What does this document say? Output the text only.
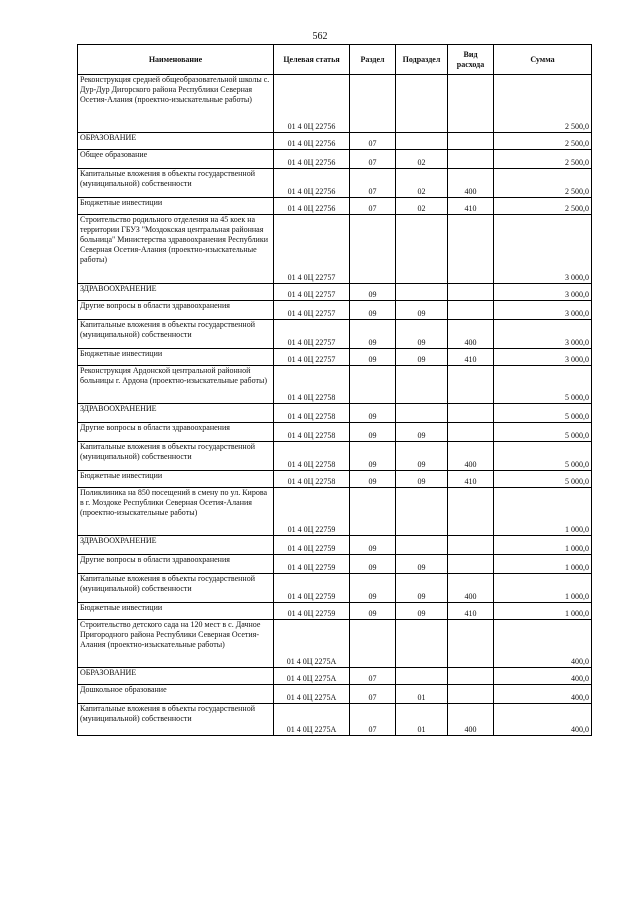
562
Наименование	Целевая статья	Раздел	Подраздел	Вид расхода	Сумма
Реконструкция средней общеобразовательной школы с. Дур-Дур Дигорского района Республики Северная Осетия-Алания (проектно-изыскательные работы)	01 4 0Ц 22756				2 500,0
ОБРАЗОВАНИЕ	01 4 0Ц 22756	07			2 500,0
Общее образование	01 4 0Ц 22756	07	02		2 500,0
Капитальные вложения в объекты государственной (муниципальной) собственности	01 4 0Ц 22756	07	02	400	2 500,0
Бюджетные инвестиции	01 4 0Ц 22756	07	02	410	2 500,0
Строительство родильного отделения на 45 коек на территории ГБУЗ "Моздокская центральная районная больница" Министерства здравоохранения Республики Северная Осетия-Алания (проектно-изыскательные работы)	01 4 0Ц 22757				3 000,0
ЗДРАВООХРАНЕНИЕ	01 4 0Ц 22757	09			3 000,0
Другие вопросы в области здравоохранения	01 4 0Ц 22757	09	09		3 000,0
Капитальные вложения в объекты государственной (муниципальной) собственности	01 4 0Ц 22757	09	09	400	3 000,0
Бюджетные инвестиции	01 4 0Ц 22757	09	09	410	3 000,0
Реконструкция Ардонской центральной районной больницы г. Ардона (проектно-изыскательные работы)	01 4 0Ц 22758				5 000,0
ЗДРАВООХРАНЕНИЕ	01 4 0Ц 22758	09			5 000,0
Другие вопросы в области здравоохранения	01 4 0Ц 22758	09	09		5 000,0
Капитальные вложения в объекты государственной (муниципальной) собственности	01 4 0Ц 22758	09	09	400	5 000,0
Бюджетные инвестиции	01 4 0Ц 22758	09	09	410	5 000,0
Поликлиника на 850 посещений в смену по ул. Кирова в г. Моздоке Республики Северная Осетия-Алания (проектно-изыскательные работы)	01 4 0Ц 22759				1 000,0
ЗДРАВООХРАНЕНИЕ	01 4 0Ц 22759	09			1 000,0
Другие вопросы в области здравоохранения	01 4 0Ц 22759	09	09		1 000,0
Капитальные вложения в объекты государственной (муниципальной) собственности	01 4 0Ц 22759	09	09	400	1 000,0
Бюджетные инвестиции	01 4 0Ц 22759	09	09	410	1 000,0
Строительство детского сада на 120 мест в с. Дачное Пригородного района Республики Северная Осетия-Алания (проектно-изыскательные работы)	01 4 0Ц 2275А				400,0
ОБРАЗОВАНИЕ	01 4 0Ц 2275А	07			400,0
Дошкольное образование	01 4 0Ц 2275А	07	01		400,0
Капитальные вложения в объекты государственной (муниципальной) собственности	01 4 0Ц 2275А	07	01	400	400,0
